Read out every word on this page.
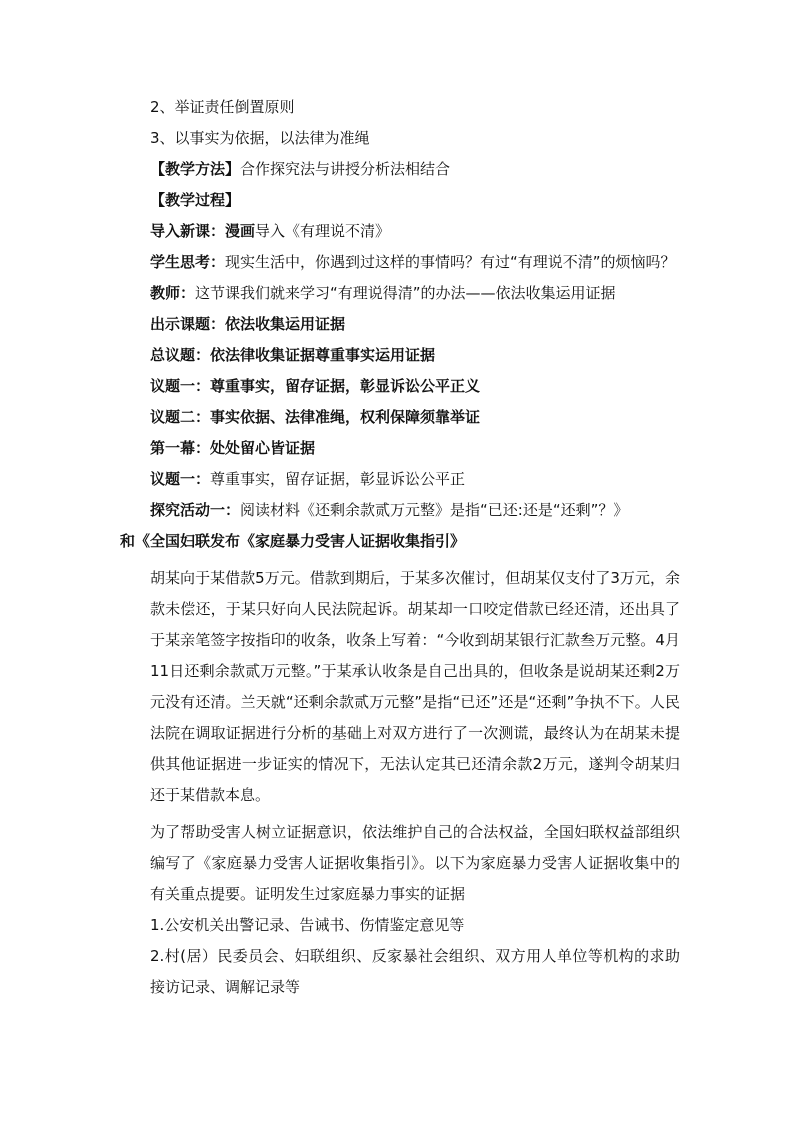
2、举证责任倒置原则
3、以事实为依据，以法律为准绳
【教学方法】合作探究法与讲授分析法相结合
【教学过程】
导入新课：漫画导入《有理说不清》
学生思考：现实生活中，你遇到过这样的事情吗？有过“有理说不清”的烦恼吗？
教师：这节课我们就来学习“有理说得清”的办法——依法收集运用证据
出示课题：依法收集运用证据
总议题：依法律收集证据尊重事实运用证据
议题一：尊重事实，留存证据，彰显诉讼公平正义
议题二：事实依据、法律准绳，权利保障须靠举证
第一幕：处处留心皆证据
议题一：尊重事实，留存证据，彰显诉讼公平正
探究活动一：阅读材料《还剩余款贰万元整》是指“已还:还是“还剩”？》
和《全国妇联发布《家庭暴力受害人证据收集指引》
胡某向于某借款5万元。借款到期后，于某多次催讨，但胡某仅支付了3万元，余款未偿还，于某只好向人民法院起诉。胡某却一口咬定借款已经还清，还出具了于某亲笔签字按指印的收条，收条上写着：“今收到胡某银行汇款叁万元整。4月11日还剩余款贰万元整。”于某承认收条是自己出具的，但收条是说胡某还剩2万元没有还清。兰天就“还剩余款贰万元整”是指“已还”还是“还剩”争执不下。人民法院在调取证据进行分析的基础上对双方进行了一次测谎，最终认为在胡某未提供其他证据进一步证实的情况下，无法认定其已还清余款2万元，遂判令胡某归还于某借款本息。
为了帮助受害人树立证据意识，依法维护自己的合法权益，全国妇联权益部组织编写了《家庭暴力受害人证据收集指引》。以下为家庭暴力受害人证据收集中的有关重点提要。证明发生过家庭暴力事实的证据
1.公安机关出警记录、告诫书、伤情鉴定意见等
2.村(居）民委员会、妇联组织、反家暴社会组织、双方用人单位等机构的求助接访记录、调解记录等
